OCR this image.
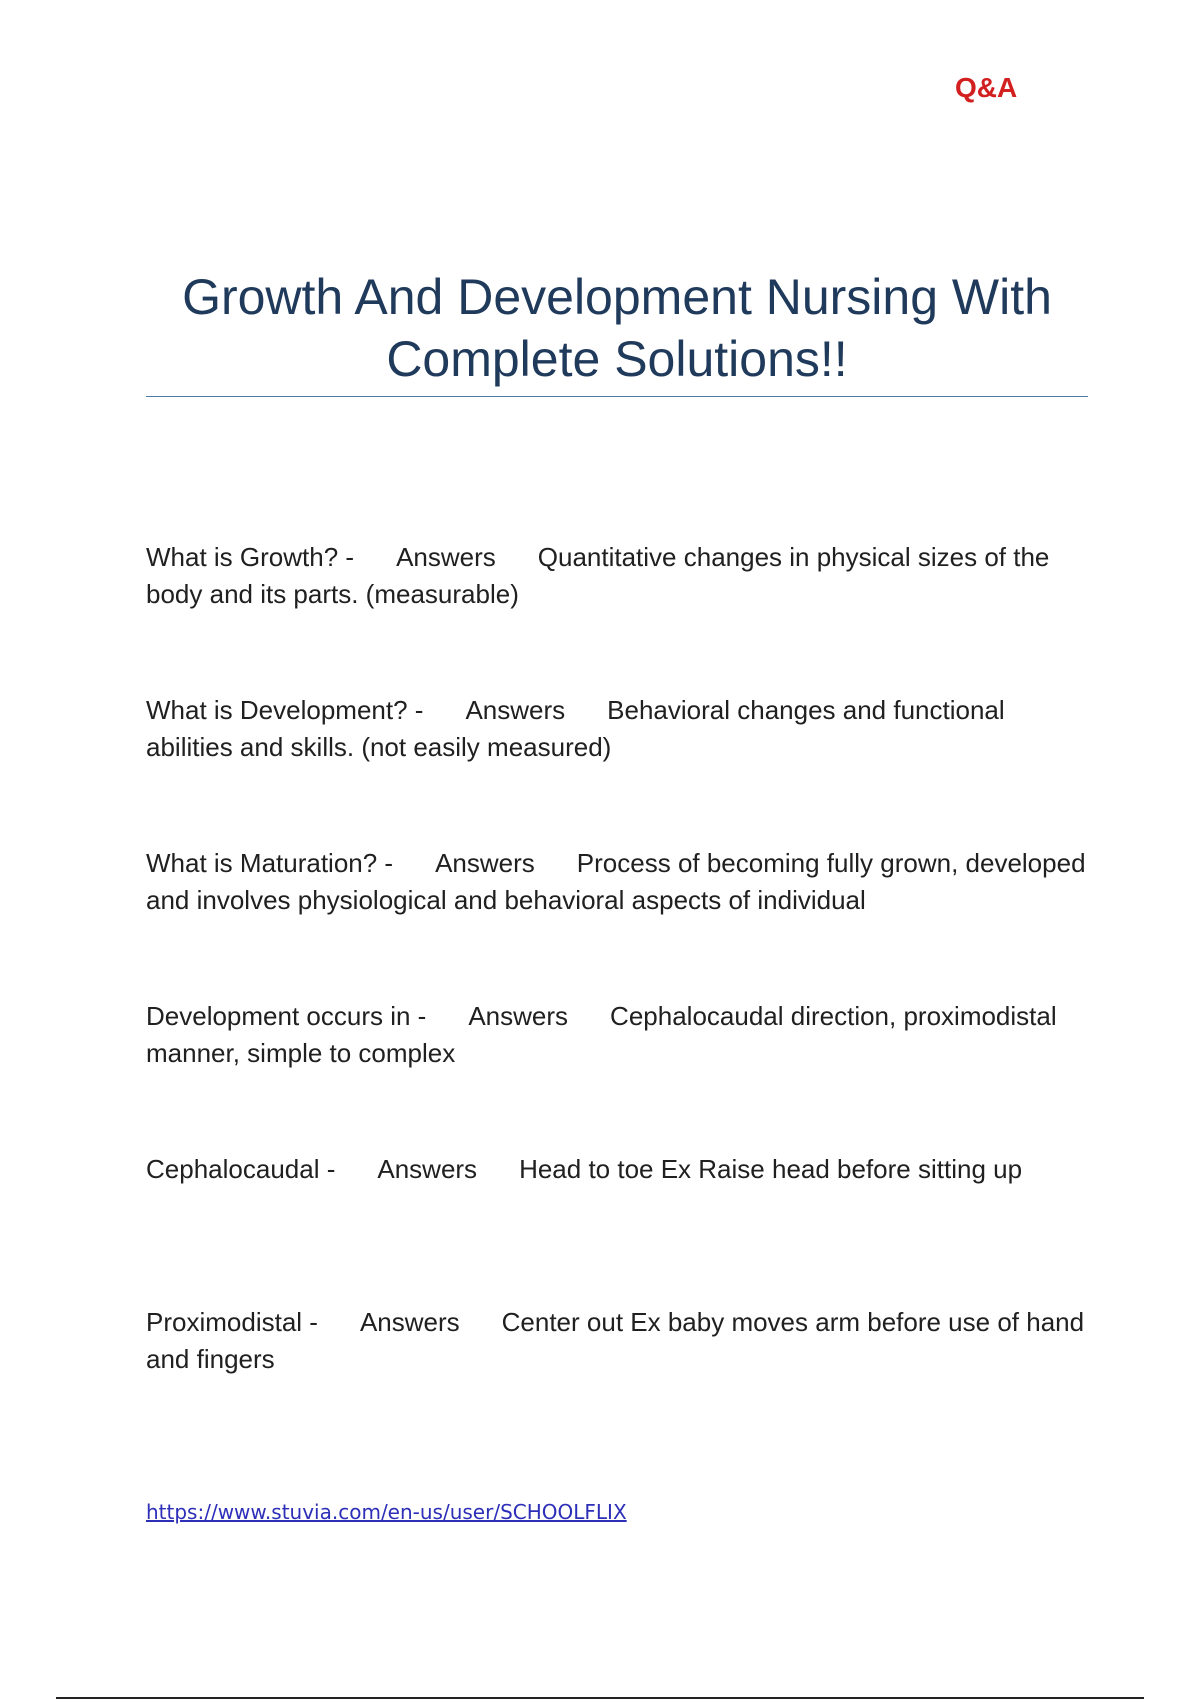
Q&A
Growth And Development Nursing With Complete Solutions!!
What is Growth? - Answers Quantitative changes in physical sizes of the body and its parts. (measurable)
What is Development? - Answers Behavioral changes and functional abilities and skills. (not easily measured)
What is Maturation? - Answers Process of becoming fully grown, developed and involves physiological and behavioral aspects of individual
Development occurs in - Answers Cephalocaudal direction, proximodistal manner, simple to complex
Cephalocaudal - Answers Head to toe Ex Raise head before sitting up
Proximodistal - Answers Center out Ex baby moves arm before use of hand and fingers
https://www.stuvia.com/en-us/user/SCHOOLFLIX
